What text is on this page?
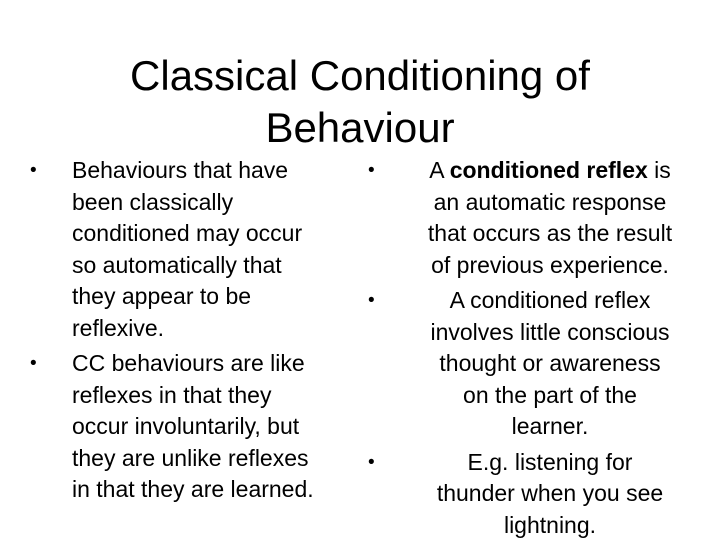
Classical Conditioning of
Behaviour
•	Behaviours that have
been classically
conditioned may occur
so automatically that
they appear to be
reflexive.
•	CC behaviours are like
reflexes in that they
occur involuntarily, but
they are unlike reflexes
in that they are learned.
•	A conditioned reflex is
an automatic response
that occurs as the result
of previous experience.
•	A conditioned reflex
involves little conscious
thought or awareness
on the part of the
learner.
•	E.g. listening for
thunder when you see
lightning.
